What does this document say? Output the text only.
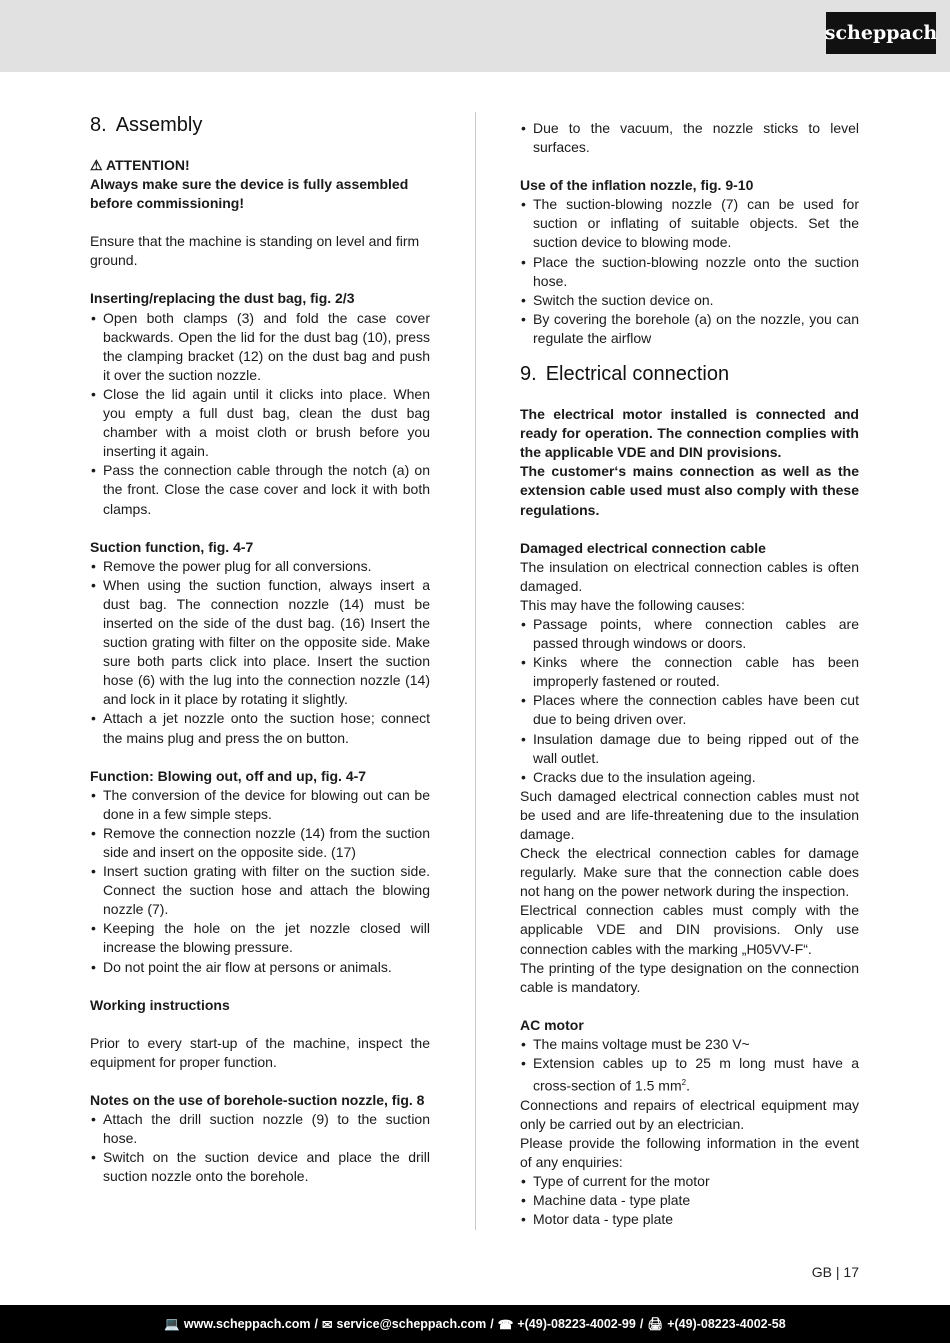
scheppach
8. Assembly

⚠ ATTENTION!

Always make sure the device is fully assembled before commissioning!

Ensure that the machine is standing on level and firm ground.

Inserting/replacing the dust bag, fig. 2/3

• Open both clamps (3) and fold the case cover backwards. Open the lid for the dust bag (10), press the clamping bracket (12) on the dust bag and push it over the suction nozzle.
• Close the lid again until it clicks into place. When you empty a full dust bag, clean the dust bag chamber with a moist cloth or brush before you inserting it again.
• Pass the connection cable through the notch (a) on the front. Close the case cover and lock it with both clamps.

Suction function, fig. 4-7

• Remove the power plug for all conversions.
• When using the suction function, always insert a dust bag. The connection nozzle (14) must be inserted on the side of the dust bag. (16) Insert the suction grating with filter on the opposite side. Make sure both parts click into place. Insert the suction hose (6) with the lug into the connection nozzle (14) and lock in it place by rotating it slightly.
• Attach a jet nozzle onto the suction hose; connect the mains plug and press the on button.

Function: Blowing out, off and up, fig. 4-7

• The conversion of the device for blowing out can be done in a few simple steps.
• Remove the connection nozzle (14) from the suction side and insert on the opposite side. (17)
• Insert suction grating with filter on the suction side. Connect the suction hose and attach the blowing nozzle (7).
• Keeping the hole on the jet nozzle closed will increase the blowing pressure.
• Do not point the air flow at persons or animals.

Working instructions

Prior to every start-up of the machine, inspect the equipment for proper function.

Notes on the use of borehole-suction nozzle, fig. 8

• Attach the drill suction nozzle (9) to the suction hose.
• Switch on the suction device and place the drill suction nozzle onto the borehole.
• Due to the vacuum, the nozzle sticks to level surfaces.

Use of the inflation nozzle, fig. 9-10

• The suction-blowing nozzle (7) can be used for suction or inflating of suitable objects. Set the suction device to blowing mode.
• Place the suction-blowing nozzle onto the suction hose.
• Switch the suction device on.
• By covering the borehole (a) on the nozzle, you can regulate the airflow
9. Electrical connection

The electrical motor installed is connected and ready for operation. The connection complies with the applicable VDE and DIN provisions.

The customer‘s mains connection as well as the extension cable used must also comply with these regulations.

Damaged electrical connection cable

The insulation on electrical connection cables is often damaged.

This may have the following causes:

• Passage points, where connection cables are passed through windows or doors.
• Kinks where the connection cable has been improperly fastened or routed.
• Places where the connection cables have been cut due to being driven over.
• Insulation damage due to being ripped out of the wall outlet.
• Cracks due to the insulation ageing.

Such damaged electrical connection cables must not be used and are life-threatening due to the insulation damage.

Check the electrical connection cables for damage regularly. Make sure that the connection cable does not hang on the power network during the inspection.

Electrical connection cables must comply with the applicable VDE and DIN provisions. Only use connection cables with the marking „H05VV-F“.

The printing of the type designation on the connection cable is mandatory.

AC motor

• The mains voltage must be 230 V~
• Extension cables up to 25 m long must have a cross-section of 1.5 $mm^2$.

Connections and repairs of electrical equipment may only be carried out by an electrician.

Please provide the following information in the event of any enquiries:

• Type of current for the motor
• Machine data - type plate
• Motor data - type plate
GB | 17
💻 www.scheppach.com / ✉ service@scheppach.com / ☎ +(49)-08223-4002-99 / 🖨 +(49)-08223-4002-58
